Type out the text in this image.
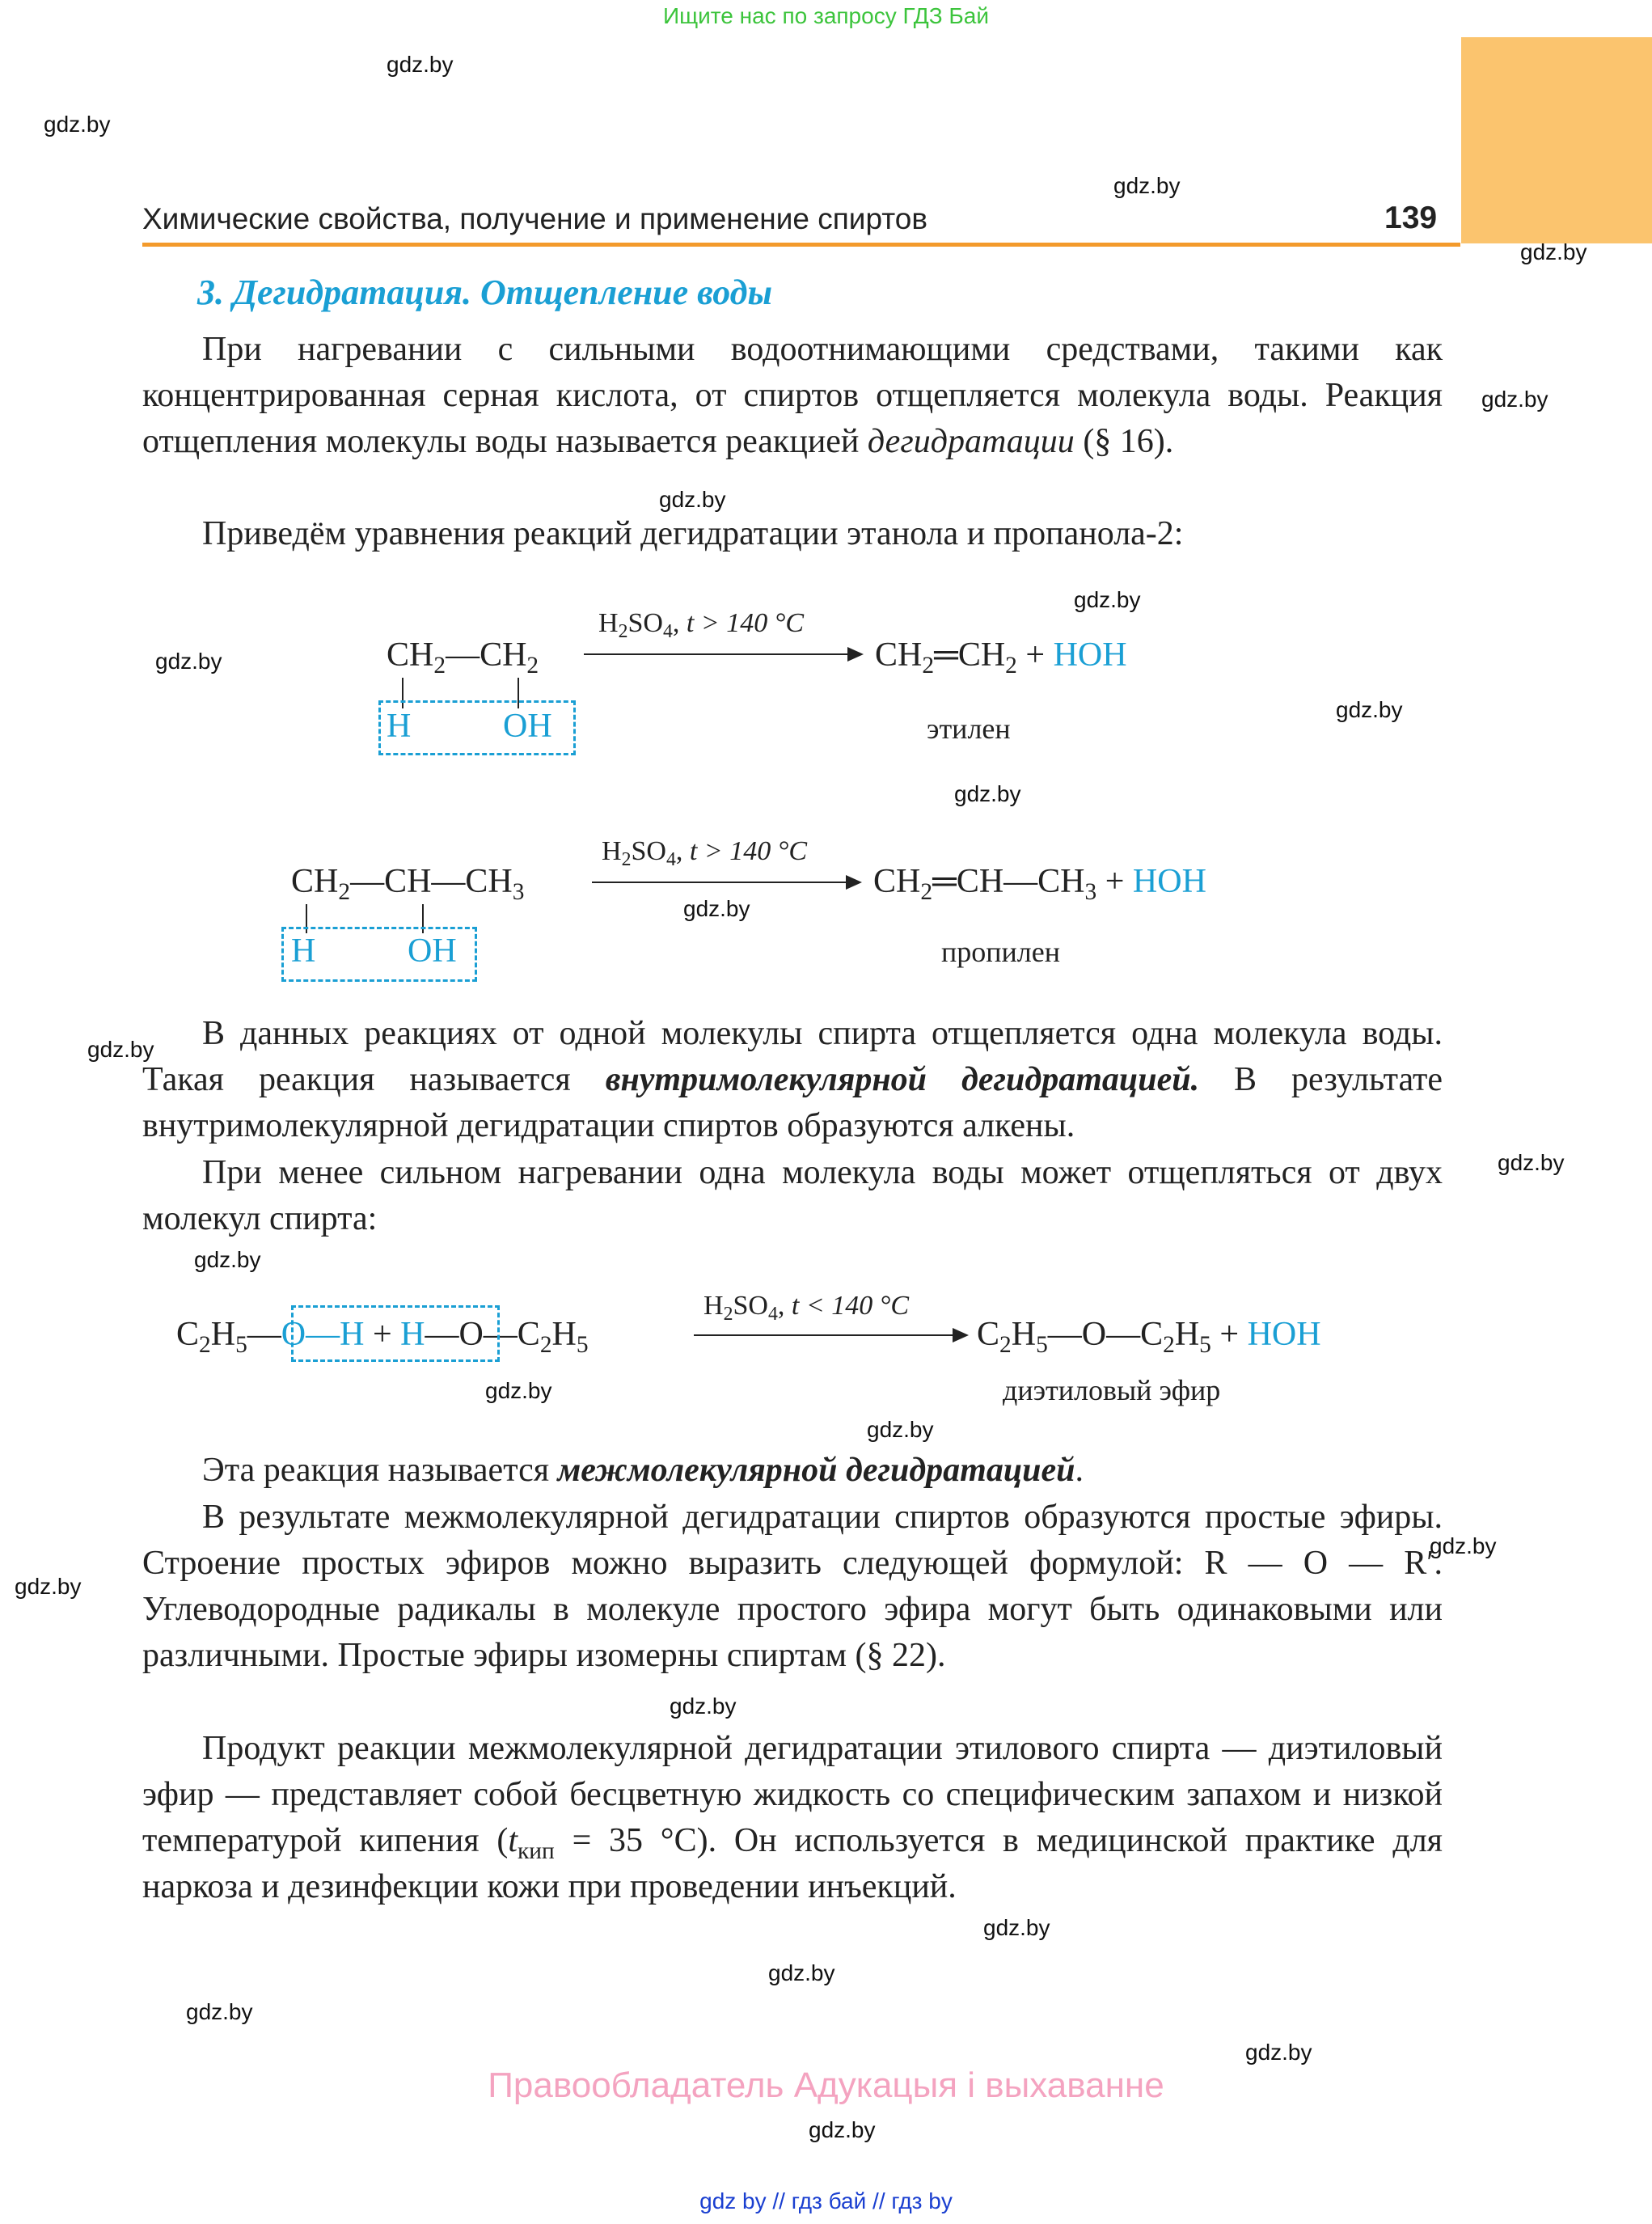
Ищите нас по запросу ГДЗ Бай
gdz.by
gdz.by
gdz.by
gdz.by
gdz.by
gdz.by
gdz.by
gdz.by
gdz.by
gdz.by
gdz.by
gdz.by
gdz.by
gdz.by
gdz.by
gdz.by
gdz.by
gdz.by
gdz.by
gdz.by
gdz.by
gdz.by
gdz.by
gdz.by
Химические свойства, получение и применение спиртов	139
3. Дегидратация. Отщепление воды

При нагревании с сильными водоотнимающими средствами, такими как концентрированная серная кислота, от спиртов отщепляется молекула воды. Реакция отщепления молекулы воды называется реакцией дегидратации (§ 16).

Приведём уравнения реакций дегидратации этанола и пропанола-2:

$CH_2—CH_2$
H	OH
$H_2SO_4$, t > 140 °C
$CH_2═CH_2$ + HOH
этилен
$CH_2—CH—CH_3$
H	OH
$H_2SO_4$, t > 140 °C
$CH_2═CH—CH_3$ + HOH
пропилен

В данных реакциях от одной молекулы спирта отщепляется одна молекула воды. Такая реакция называется внутримолекулярной дегидратацией. В результате внутримолекулярной дегидратации спиртов образуются алкены.

При менее сильном нагревании одна молекула воды может отщепляться от двух молекул спирта:

$C_2H_5—O—H$ + $H—O—C_2H_5$
$H_2SO_4$, t < 140 °C
$C_2H_5—O—C_2H_5$ + HOH
диэтиловый эфир

Эта реакция называется межмолекулярной дегидратацией.

В результате межмолекулярной дегидратации спиртов образуются простые эфиры. Строение простых эфиров можно выразить следующей формулой: R — O — R′. Углеводородные радикалы в молекуле простого эфира могут быть одинаковыми или различными. Простые эфиры изомерны спиртам (§ 22).

Продукт реакции межмолекулярной дегидратации этилового спирта — диэтиловый эфир — представляет собой бесцветную жидкость со специфическим запахом и низкой температурой кипения ($t_{кип} = 35$ °С). Он используется в медицинской практике для наркоза и дезинфекции кожи при проведении инъекций.

Правообладатель Адукацыя і выхаванне
gdz by // гдз бай // гдз by
